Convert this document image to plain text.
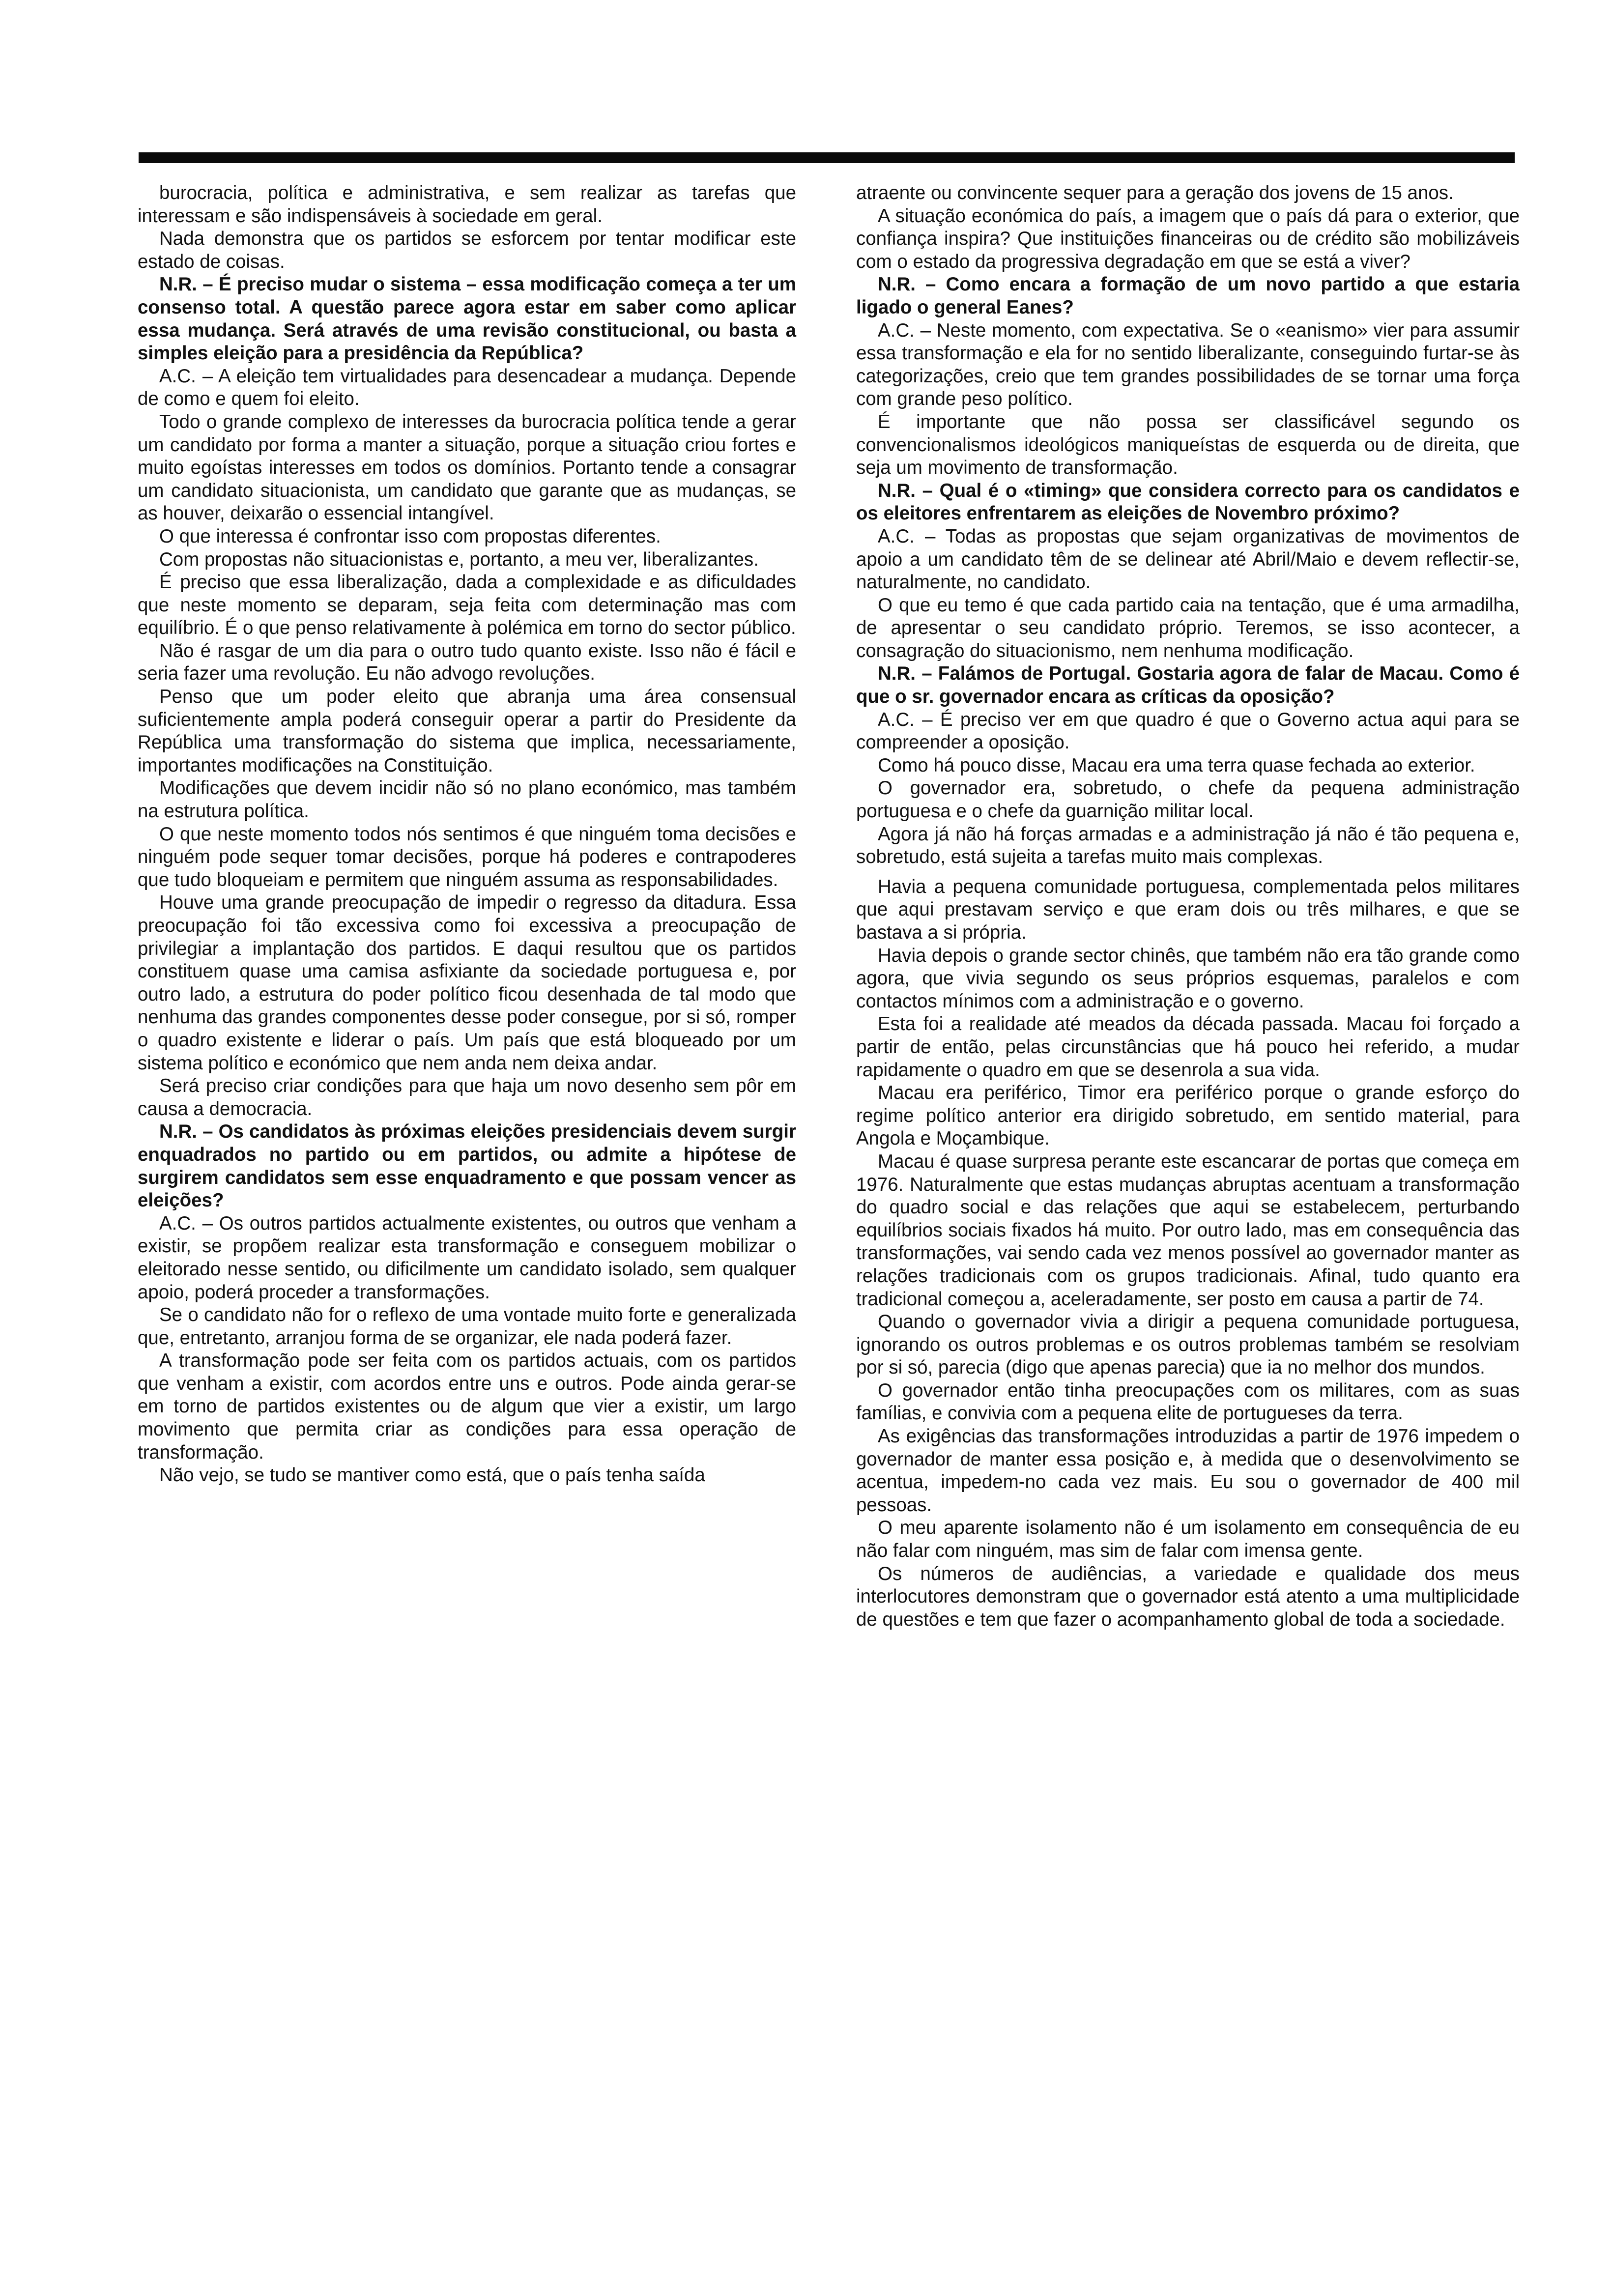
burocracia, política e administrativa, e sem realizar as tarefas que interessam e são indispensáveis à sociedade em geral.

Nada demonstra que os partidos se esforcem por tentar modificar este estado de coisas.

N.R. – É preciso mudar o sistema – essa modificação começa a ter um consenso total. A questão parece agora estar em saber como aplicar essa mudança. Será através de uma revisão constitucional, ou basta a simples eleição para a presidência da República?

A.C. – A eleição tem virtualidades para desencadear a mudança. Depende de como e quem foi eleito.

Todo o grande complexo de interesses da burocracia política tende a gerar um candidato por forma a manter a situação, porque a situação criou fortes e muito egoístas interesses em todos os domínios. Portanto tende a consagrar um candidato situacionista, um candidato que garante que as mudanças, se as houver, deixarão o essencial intangível.

O que interessa é confrontar isso com propostas diferentes.

Com propostas não situacionistas e, portanto, a meu ver, liberalizantes.

É preciso que essa liberalização, dada a complexidade e as dificuldades que neste momento se deparam, seja feita com determinação mas com equilíbrio. É o que penso relativamente à polémica em torno do sector público.

Não é rasgar de um dia para o outro tudo quanto existe. Isso não é fácil e seria fazer uma revolução. Eu não advogo revoluções.

Penso que um poder eleito que abranja uma área consensual suficientemente ampla poderá conseguir operar a partir do Presidente da República uma transformação do sistema que implica, necessariamente, importantes modificações na Constituição.

Modificações que devem incidir não só no plano económico, mas também na estrutura política.

O que neste momento todos nós sentimos é que ninguém toma decisões e ninguém pode sequer tomar decisões, porque há poderes e contrapoderes que tudo bloqueiam e permitem que ninguém assuma as responsabilidades.

Houve uma grande preocupação de impedir o regresso da ditadura. Essa preocupação foi tão excessiva como foi excessiva a preocupação de privilegiar a implantação dos partidos. E daqui resultou que os partidos constituem quase uma camisa asfixiante da sociedade portuguesa e, por outro lado, a estrutura do poder político ficou desenhada de tal modo que nenhuma das grandes componentes desse poder consegue, por si só, romper o quadro existente e liderar o país. Um país que está bloqueado por um sistema político e económico que nem anda nem deixa andar.

Será preciso criar condições para que haja um novo desenho sem pôr em causa a democracia.

N.R. – Os candidatos às próximas eleições presidenciais devem surgir enquadrados no partido ou em partidos, ou admite a hipótese de surgirem candidatos sem esse enquadramento e que possam vencer as eleições?

A.C. – Os outros partidos actualmente existentes, ou outros que venham a existir, se propõem realizar esta transformação e conseguem mobilizar o eleitorado nesse sentido, ou dificilmente um candidato isolado, sem qualquer apoio, poderá proceder a transformações.

Se o candidato não for o reflexo de uma vontade muito forte e generalizada que, entretanto, arranjou forma de se organizar, ele nada poderá fazer.

A transformação pode ser feita com os partidos actuais, com os partidos que venham a existir, com acordos entre uns e outros. Pode ainda gerar-se em torno de partidos existentes ou de algum que vier a existir, um largo movimento que permita criar as condições para essa operação de transformação.

Não vejo, se tudo se mantiver como está, que o país tenha saída

atraente ou convincente sequer para a geração dos jovens de 15 anos.

A situação económica do país, a imagem que o país dá para o exterior, que confiança inspira? Que instituições financeiras ou de crédito são mobilizáveis com o estado da progressiva degradação em que se está a viver?

N.R. – Como encara a formação de um novo partido a que estaria ligado o general Eanes?

A.C. – Neste momento, com expectativa. Se o «eanismo» vier para assumir essa transformação e ela for no sentido liberalizante, conseguindo furtar-se às categorizações, creio que tem grandes possibilidades de se tornar uma força com grande peso político.

É importante que não possa ser classificável segundo os convencionalismos ideológicos maniqueístas de esquerda ou de direita, que seja um movimento de transformação.

N.R. – Qual é o «timing» que considera correcto para os candidatos e os eleitores enfrentarem as eleições de Novembro próximo?

A.C. – Todas as propostas que sejam organizativas de movimentos de apoio a um candidato têm de se delinear até Abril/Maio e devem reflectir-se, naturalmente, no candidato.

O que eu temo é que cada partido caia na tentação, que é uma armadilha, de apresentar o seu candidato próprio. Teremos, se isso acontecer, a consagração do situacionismo, nem nenhuma modificação.

N.R. – Falámos de Portugal. Gostaria agora de falar de Macau. Como é que o sr. governador encara as críticas da oposição?

A.C. – É preciso ver em que quadro é que o Governo actua aqui para se compreender a oposição.

Como há pouco disse, Macau era uma terra quase fechada ao exterior.

O governador era, sobretudo, o chefe da pequena administração portuguesa e o chefe da guarnição militar local.

Agora já não há forças armadas e a administração já não é tão pequena e, sobretudo, está sujeita a tarefas muito mais complexas.

Havia a pequena comunidade portuguesa, complementada pelos militares que aqui prestavam serviço e que eram dois ou três milhares, e que se bastava a si própria.

Havia depois o grande sector chinês, que também não era tão grande como agora, que vivia segundo os seus próprios esquemas, paralelos e com contactos mínimos com a administração e o governo.

Esta foi a realidade até meados da década passada. Macau foi forçado a partir de então, pelas circunstâncias que há pouco hei referido, a mudar rapidamente o quadro em que se desenrola a sua vida.

Macau era periférico, Timor era periférico porque o grande esforço do regime político anterior era dirigido sobretudo, em sentido material, para Angola e Moçambique.

Macau é quase surpresa perante este escancarar de portas que começa em 1976. Naturalmente que estas mudanças abruptas acentuam a transformação do quadro social e das relações que aqui se estabelecem, perturbando equilíbrios sociais fixados há muito. Por outro lado, mas em consequência das transformações, vai sendo cada vez menos possível ao governador manter as relações tradicionais com os grupos tradicionais. Afinal, tudo quanto era tradicional começou a, aceleradamente, ser posto em causa a partir de 74.

Quando o governador vivia a dirigir a pequena comunidade portuguesa, ignorando os outros problemas e os outros problemas também se resolviam por si só, parecia (digo que apenas parecia) que ia no melhor dos mundos.

O governador então tinha preocupações com os militares, com as suas famílias, e convivia com a pequena elite de portugueses da terra.

As exigências das transformações introduzidas a partir de 1976 impedem o governador de manter essa posição e, à medida que o desenvolvimento se acentua, impedem-no cada vez mais. Eu sou o governador de 400 mil pessoas.

O meu aparente isolamento não é um isolamento em consequência de eu não falar com ninguém, mas sim de falar com imensa gente.

Os números de audiências, a variedade e qualidade dos meus interlocutores demonstram que o governador está atento a uma multiplicidade de questões e tem que fazer o acompanhamento global de toda a sociedade.
